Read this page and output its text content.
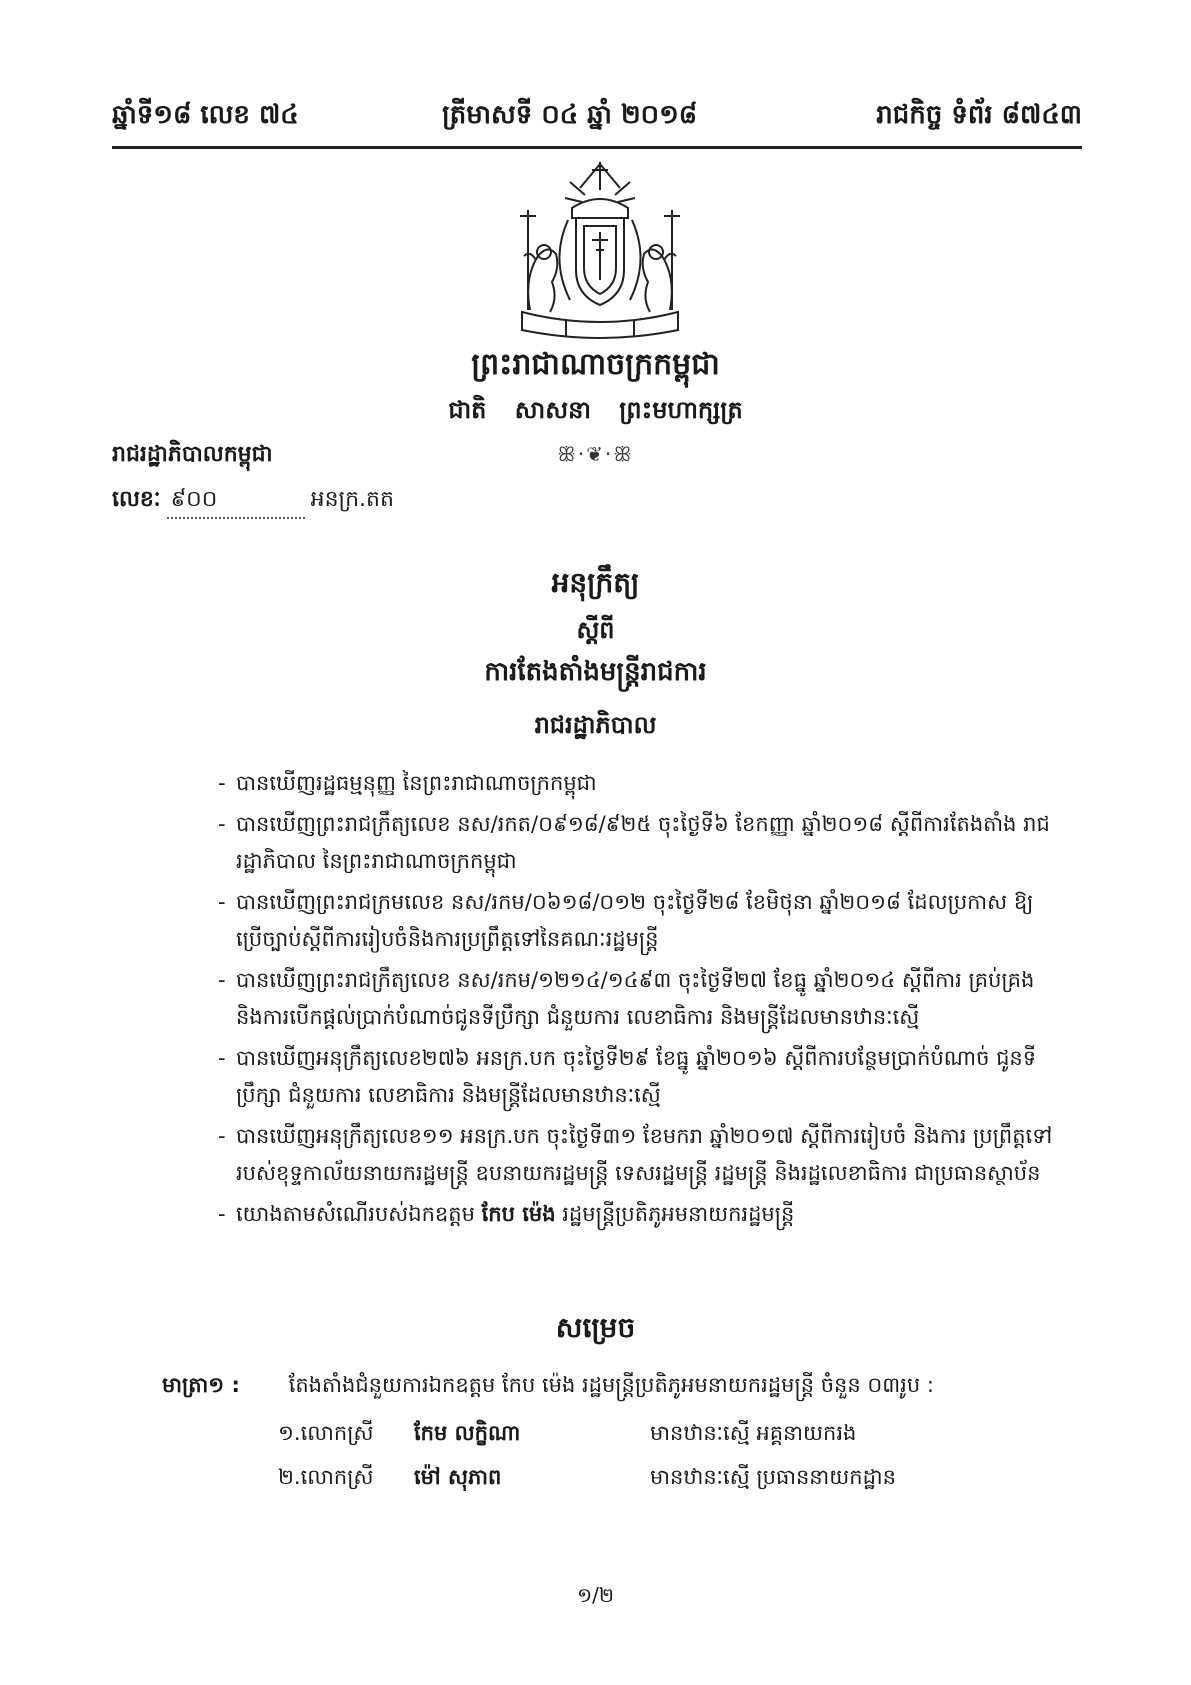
ឆ្នាំទី១៨ លេខ ៧៤	ត្រីមាសទី ០៤ ឆ្នាំ ២០១៨	រាជកិច្ច ទំព័រ ៨៧៤៣
ព្រះរាជាណាចក្រកម្ពុជា
ជាតិ សាសនា ព្រះមហាក្សត្រ
ꕥ·❦·ꕥ
រាជរដ្ឋាភិបាលកម្ពុជា
លេខៈ ៩០០	អនក្រ.តត
អនុក្រឹត្យ
ស្តីពី
ការតែងតាំងមន្ត្រីរាជការ
រាជរដ្ឋាភិបាល
- បានឃើញរដ្ឋធម្មនុញ្ញ នៃព្រះរាជាណាចក្រកម្ពុជា
- បានឃើញព្រះរាជក្រឹត្យលេខ នស/រកត/០៩១៨/៩២៥ ចុះថ្ងៃទី៦ ខែកញ្ញា ឆ្នាំ២០១៨ ស្តីពីការតែងតាំង រាជរដ្ឋាភិបាល នៃព្រះរាជាណាចក្រកម្ពុជា
- បានឃើញព្រះរាជក្រមលេខ នស/រកម/០៦១៨/០១២ ចុះថ្ងៃទី២៨ ខែមិថុនា ឆ្នាំ២០១៨ ដែលប្រកាស ឱ្យប្រើច្បាប់ស្តីពីការរៀបចំនិងការប្រព្រឹត្តទៅនៃគណៈរដ្ឋមន្ត្រី
- បានឃើញព្រះរាជក្រឹត្យលេខ នស/រកម/១២១៤/១៤៩៣ ចុះថ្ងៃទី២៧ ខែធ្នូ ឆ្នាំ២០១៤ ស្តីពីការ គ្រប់គ្រងនិងការបើកផ្តល់ប្រាក់បំណាច់ជូនទីប្រឹក្សា ជំនួយការ លេខាធិការ និងមន្ត្រីដែលមានឋានៈស្មើ
- បានឃើញអនុក្រឹត្យលេខ២៧៦ អនក្រ.បក ចុះថ្ងៃទី២៩ ខែធ្នូ ឆ្នាំ២០១៦ ស្តីពីការបន្ថែមប្រាក់បំណាច់ ជូនទីប្រឹក្សា ជំនួយការ លេខាធិការ និងមន្ត្រីដែលមានឋានៈស្មើ
- បានឃើញអនុក្រឹត្យលេខ១១ អនក្រ.បក ចុះថ្ងៃទី៣១ ខែមករា ឆ្នាំ២០១៧ ស្តីពីការរៀបចំ និងការ ប្រព្រឹត្តទៅរបស់ខុទ្ទកាល័យនាយករដ្ឋមន្ត្រី ឧបនាយករដ្ឋមន្ត្រី ទេសរដ្ឋមន្ត្រី រដ្ឋមន្ត្រី និងរដ្ឋលេខាធិការ ជាប្រធានស្ថាប័ន
- យោងតាមសំណើរបស់ឯកឧត្តម កែប ម៉េង រដ្ឋមន្ត្រីប្រតិភូអមនាយករដ្ឋមន្ត្រី
សម្រេច
មាត្រា១ : តែងតាំងជំនួយការឯកឧត្តម កែប ម៉េង រដ្ឋមន្ត្រីប្រតិភូអមនាយករដ្ឋមន្ត្រី ចំនួន ០៣រូប :
១.លោកស្រី កែម លក្ខិណា	មានឋានៈស្មើ អគ្គនាយករង
២.លោកស្រី ម៉ៅ សុភាព	មានឋានៈស្មើ ប្រធាននាយកដ្ឋាន
១/២
